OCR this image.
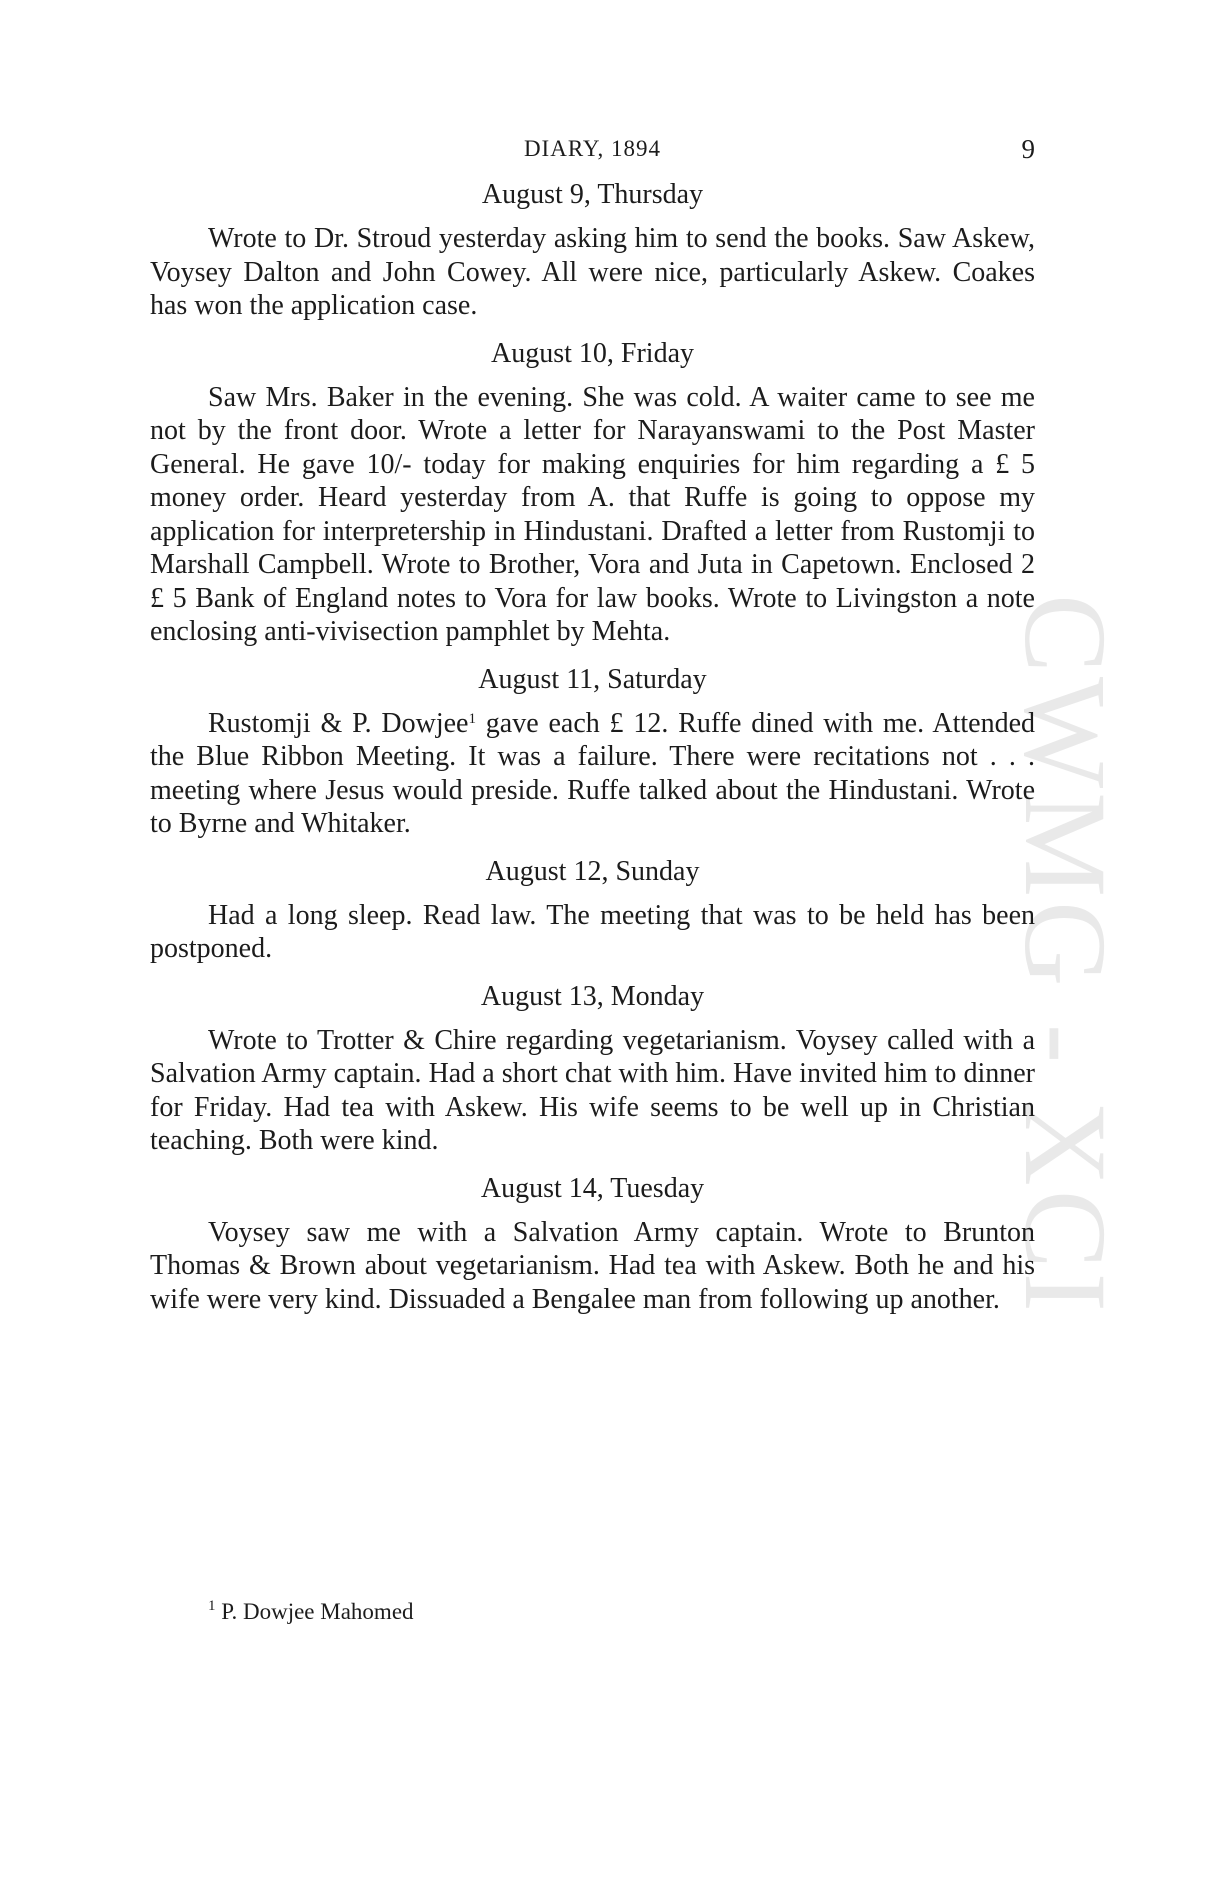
CWMG - XCI
DIARY, 1894	9
August 9, Thursday

Wrote to Dr. Stroud yesterday asking him to send the books. Saw Askew, Voysey Dalton and John Cowey. All were nice, particularly Askew. Coakes has won the application case.

August 10, Friday

Saw Mrs. Baker in the evening. She was cold. A waiter came to see me not by the front door. Wrote a letter for Narayanswami to the Post Master General. He gave 10/- today for making enquiries for him regarding a £ 5 money order. Heard yesterday from A. that Ruffe is going to oppose my application for interpretership in Hindustani. Drafted a letter from Rustomji to Marshall Campbell. Wrote to Brother, Vora and Juta in Capetown. Enclosed 2 £ 5 Bank of England notes to Vora for law books. Wrote to Livingston a note enclosing anti-vivisection pamphlet by Mehta.

August 11, Saturday

Rustomji & P. Dowjee$^1$ gave each £ 12. Ruffe dined with me. Attended the Blue Ribbon Meeting. It was a failure. There were recitations not . . . meeting where Jesus would preside. Ruffe talked about the Hindustani. Wrote to Byrne and Whitaker.

August 12, Sunday

Had a long sleep. Read law. The meeting that was to be held has been postponed.

August 13, Monday

Wrote to Trotter & Chire regarding vegetarianism. Voysey called with a Salvation Army captain. Had a short chat with him. Have invited him to dinner for Friday. Had tea with Askew. His wife seems to be well up in Christian teaching. Both were kind.

August 14, Tuesday

Voysey saw me with a Salvation Army captain. Wrote to Brunton Thomas & Brown about vegetarianism. Had tea with Askew. Both he and his wife were very kind. Dissuaded a Bengalee man from following up another.

$^1$ P. Dowjee Mahomed
